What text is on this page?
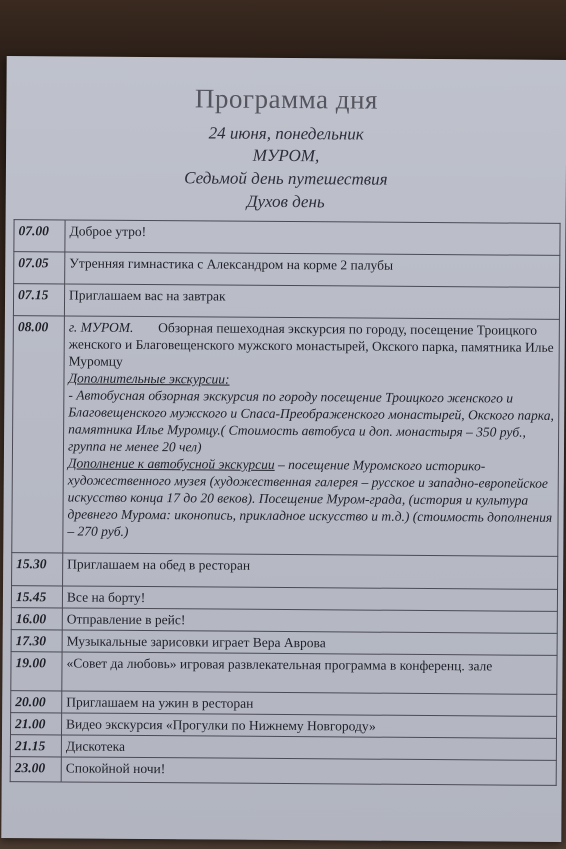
Программа дня
24 июня, понедельник
МУРОМ,
Седьмой день путешествия
Духов день
07.00	Доброе утро!
07.05	Утренняя гимнастика с Александром на корме 2 палубы
07.15	Приглашаем вас на завтрак
08.00	г. МУРОМ. Обзорная пешеходная экскурсия по городу, посещение Троицкого женского и Благовещенского мужского монастырей, Окского парка, памятника Илье Муромцу
Дополнительные экскурсии:
- Автобусная обзорная экскурсия по городу посещение Троицкого женского и Благовещенского мужского и Спаса-Преображенского монастырей, Окского парка, памятника Илье Муромцу.( Стоимость автобуса и доп. монастыря – 350 руб., группа не менее 20 чел)
Дополнение к автобусной экскурсии – посещение Муромского историко-художественного музея (художественная галерея – русское и западно-европейское искусство конца 17 до 20 веков). Посещение Муром-града, (история и культура древнего Мурома: иконопись, прикладное искусство и т.д.) (стоимость дополнения – 270 руб.)
15.30	Приглашаем на обед в ресторан
15.45	Все на борту!
16.00	Отправление в рейс!
17.30	Музыкальные зарисовки играет Вера Аврова
19.00	«Совет да любовь» игровая развлекательная программа в конференц. зале
20.00	Приглашаем на ужин в ресторан
21.00	Видео экскурсия «Прогулки по Нижнему Новгороду»
21.15	Дискотека
23.00	Спокойной ночи!
